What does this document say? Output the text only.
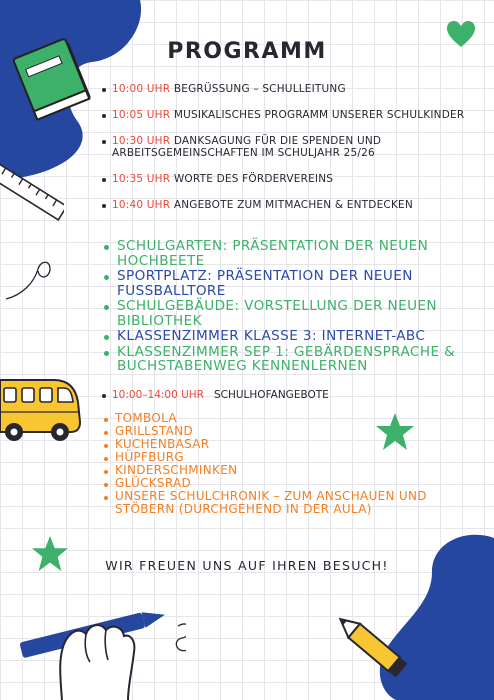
PROGRAMM
10:00 UHR BEGRÜSSUNG – SCHULLEITUNG
10:05 UHR MUSIKALISCHES PROGRAMM UNSERER SCHULKINDER
10:30 UHR DANKSAGUNG FÜR DIE SPENDEN UND ARBEITSGEMEINSCHAFTEN IM SCHULJAHR 25/26
10:35 UHR WORTE DES FÖRDERVEREINS
10:40 UHR ANGEBOTE ZUM MITMACHEN & ENTDECKEN
SCHULGARTEN: PRÄSENTATION DER NEUEN HOCHBEETE
SPORTPLATZ: PRÄSENTATION DER NEUEN FUSSBALLTORE
SCHULGEBÄUDE: VORSTELLUNG DER NEUEN BIBLIOTHEK
KLASSENZIMMER KLASSE 3: INTERNET-ABC
KLASSENZIMMER SEP 1: GEBÄRDENSPRACHE & BUCHSTABENWEG KENNENLERNEN
10:00–14:00 UHR SCHULHOFANGEBOTE
TOMBOLA
GRILLSTAND
KUCHENBASAR
HÜPFBURG
KINDERSCHMINKEN
GLÜCKSRAD
UNSERE SCHULCHRONIK – ZUM ANSCHAUEN UND STÖBERN (DURCHGEHEND IN DER AULA)
WIR FREUEN UNS AUF IHREN BESUCH!
